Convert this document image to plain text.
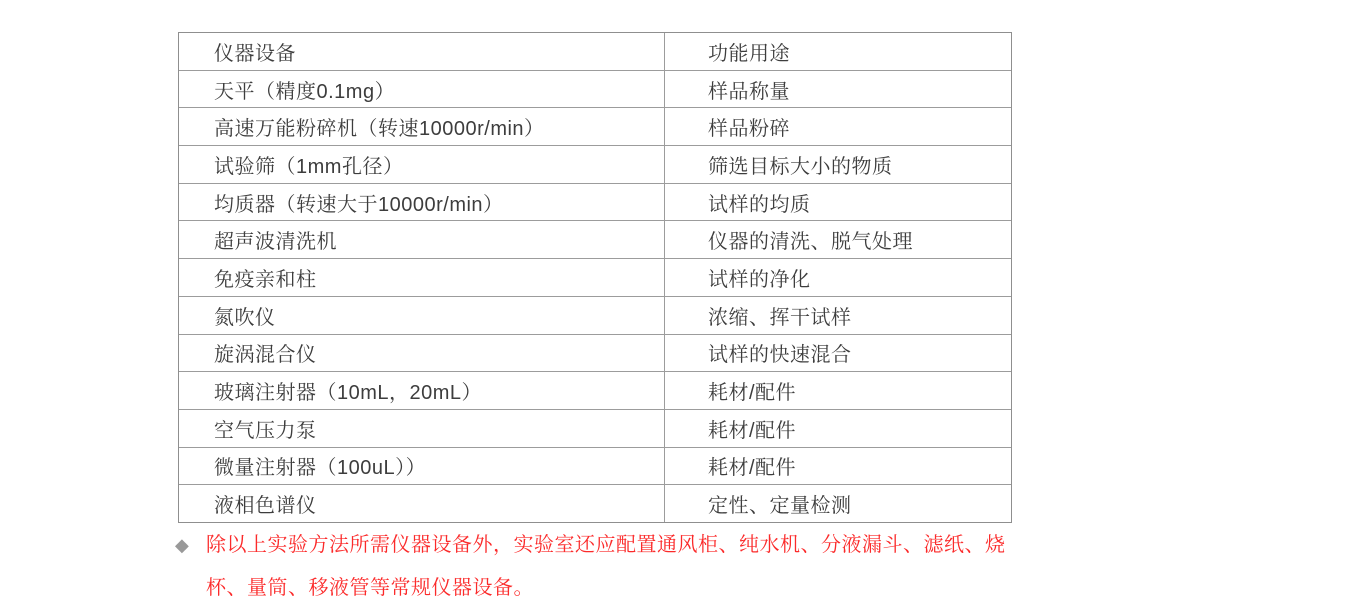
仪器设备	功能用途
天平（精度0.1mg）	样品称量
高速万能粉碎机（转速10000r/min）	样品粉碎
试验筛（1mm孔径）	筛选目标大小的物质
均质器（转速大于10000r/min）	试样的均质
超声波清洗机	仪器的清洗、脱气处理
免疫亲和柱	试样的净化
氮吹仪	浓缩、挥干试样
旋涡混合仪	试样的快速混合
玻璃注射器（10mL，20mL）	耗材/配件
空气压力泵	耗材/配件
微量注射器（100uL））	耗材/配件
液相色谱仪	定性、定量检测
◆ 除以上实验方法所需仪器设备外，实验室还应配置通风柜、纯水机、分液漏斗、滤纸、烧
杯、量筒、移液管等常规仪器设备。
